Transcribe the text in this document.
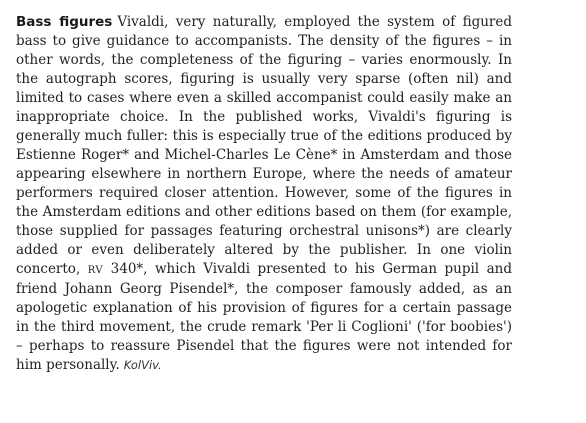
Bass figures Vivaldi, very naturally, employed the system of figured bass to give guidance to accompanists. The density of the figures – in other words, the completeness of the figuring – varies enormously. In the autograph scores, figuring is usually very sparse (often nil) and limited to cases where even a skilled accompanist could easily make an inappropriate choice. In the published works, Vivaldi's figuring is generally much fuller: this is especially true of the editions produced by Estienne Roger* and Michel-Charles Le Cène* in Amsterdam and those appearing elsewhere in northern Europe, where the needs of amateur performers required closer attention. However, some of the figures in the Amsterdam editions and other editions based on them (for example, those supplied for passages featuring orchestral unisons*) are clearly added or even deliberately altered by the publisher. In one violin concerto, RV 340*, which Vivaldi presented to his German pupil and friend Johann Georg Pisendel*, the composer famously added, as an apologetic explanation of his provision of figures for a certain passage in the third movement, the crude remark 'Per li Coglioni' ('for boobies') – perhaps to reassure Pisendel that the figures were not intended for him personally. KolViv.
